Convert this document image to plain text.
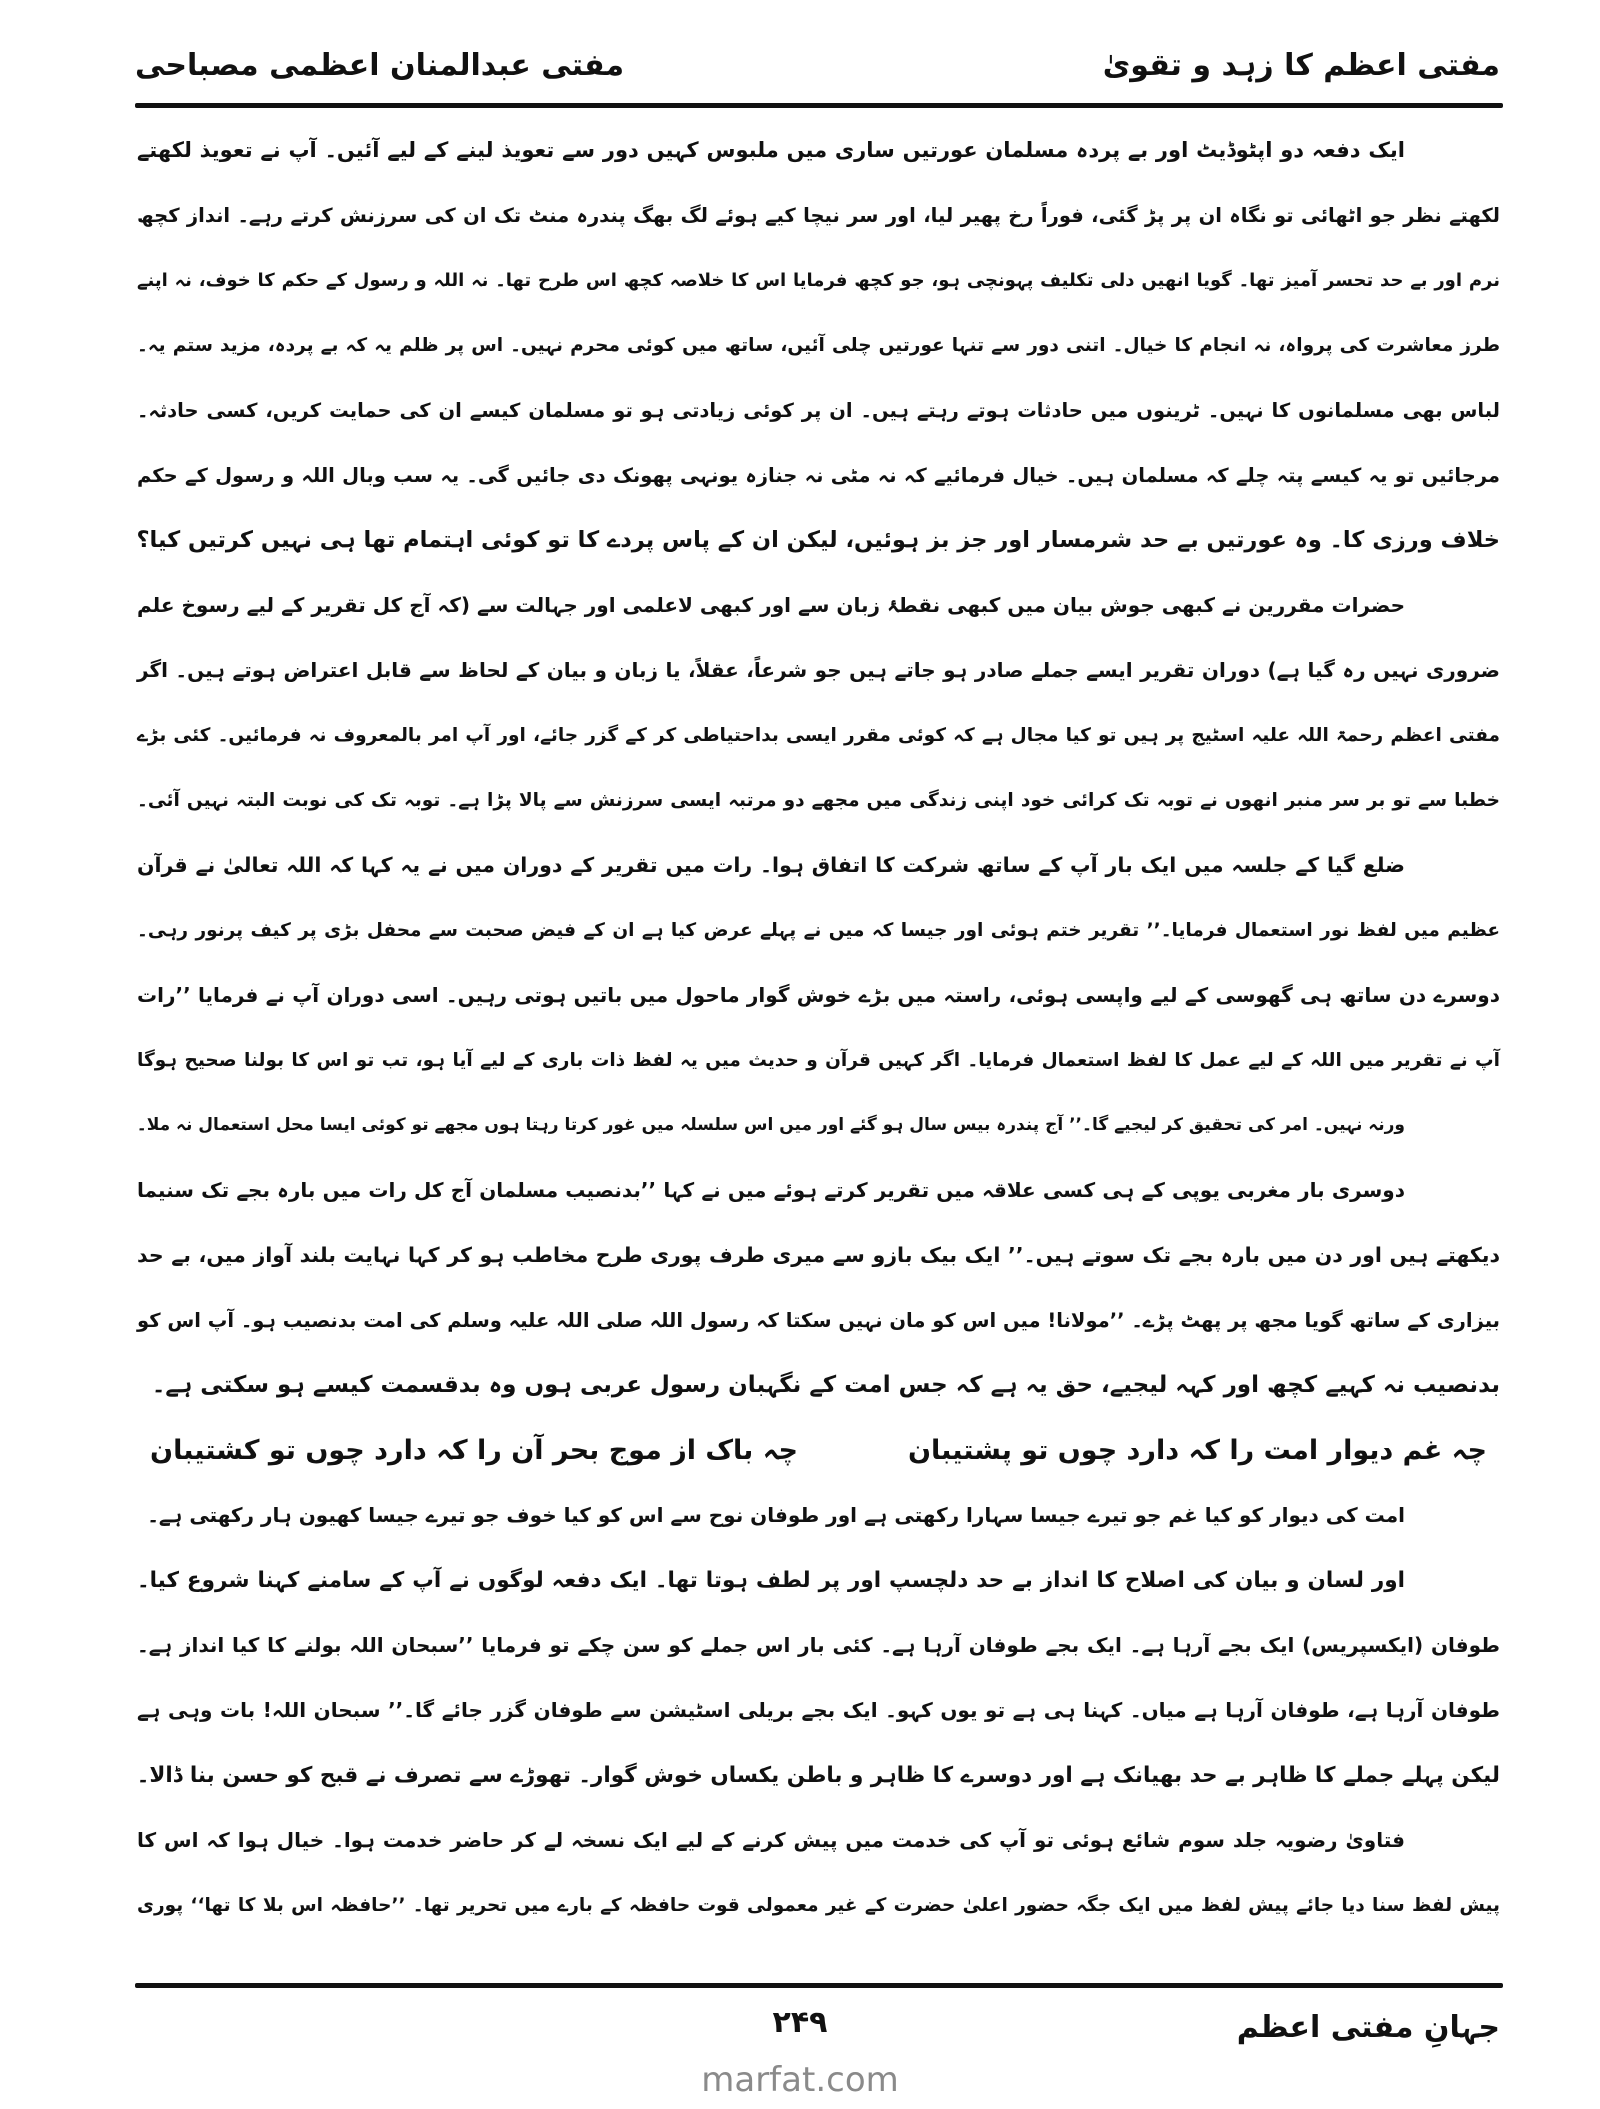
مفتی اعظم کا زہد و تقویٰ
مفتی عبدالمنان اعظمی مصباحی
ایک دفعہ دو اپٹوڈیٹ اور بے پردہ مسلمان عورتیں ساری میں ملبوس کہیں دور سے تعویذ لینے کے لیے آئیں۔ آپ نے تعویذ لکھتے
لکھتے نظر جو اٹھائی تو نگاہ ان پر پڑ گئی، فوراً رخ پھیر لیا، اور سر نیچا کیے ہوئے لگ بھگ پندرہ منٹ تک ان کی سرزنش کرتے رہے۔ انداز کچھ
نرم اور بے حد تحسر آمیز تھا۔ گویا انھیں دلی تکلیف پہونچی ہو، جو کچھ فرمایا اس کا خلاصہ کچھ اس طرح تھا۔ نہ اللہ و رسول کے حکم کا خوف، نہ اپنے
طرز معاشرت کی پرواہ، نہ انجام کا خیال۔ اتنی دور سے تنہا عورتیں چلی آئیں، ساتھ میں کوئی محرم نہیں۔ اس پر ظلم یہ کہ بے پردہ، مزید ستم یہ۔
لباس بھی مسلمانوں کا نہیں۔ ٹرینوں میں حادثات ہوتے رہتے ہیں۔ ان پر کوئی زیادتی ہو تو مسلمان کیسے ان کی حمایت کریں، کسی حادثہ۔
مرجائیں تو یہ کیسے پتہ چلے کہ مسلمان ہیں۔ خیال فرمائیے کہ نہ مٹی نہ جنازہ یونہی پھونک دی جائیں گی۔ یہ سب وبال اللہ و رسول کے حکم
خلاف ورزی کا۔ وہ عورتیں بے حد شرمسار اور جز بز ہوئیں، لیکن ان کے پاس پردے کا تو کوئی اہتمام تھا ہی نہیں کرتیں کیا؟
حضرات مقررین نے کبھی جوش بیان میں کبھی نقطۂ زبان سے اور کبھی لاعلمی اور جہالت سے (کہ آج کل تقریر کے لیے رسوخ علم
ضروری نہیں رہ گیا ہے) دوران تقریر ایسے جملے صادر ہو جاتے ہیں جو شرعاً، عقلاً، یا زبان و بیان کے لحاظ سے قابل اعتراض ہوتے ہیں۔ اگر
مفتی اعظم رحمۃ اللہ علیہ اسٹیج پر ہیں تو کیا مجال ہے کہ کوئی مقرر ایسی بداحتیاطی کر کے گزر جائے، اور آپ امر بالمعروف نہ فرمائیں۔ کئی بڑے
خطبا سے تو بر سر منبر انھوں نے توبہ تک کرائی خود اپنی زندگی میں مجھے دو مرتبہ ایسی سرزنش سے پالا پڑا ہے۔ توبہ تک کی نوبت البتہ نہیں آئی۔
ضلع گیا کے جلسہ میں ایک بار آپ کے ساتھ شرکت کا اتفاق ہوا۔ رات میں تقریر کے دوران میں نے یہ کہا کہ اللہ تعالیٰ نے قرآن
عظیم میں لفظ نور استعمال فرمایا۔’’ تقریر ختم ہوئی اور جیسا کہ میں نے پہلے عرض کیا ہے ان کے فیض صحبت سے محفل بڑی پر کیف پرنور رہی۔
دوسرے دن ساتھ ہی گھوسی کے لیے واپسی ہوئی، راستہ میں بڑے خوش گوار ماحول میں باتیں ہوتی رہیں۔ اسی دوران آپ نے فرمایا ’’رات
آپ نے تقریر میں اللہ کے لیے عمل کا لفظ استعمال فرمایا۔ اگر کہیں قرآن و حدیث میں یہ لفظ ذات باری کے لیے آیا ہو، تب تو اس کا بولنا صحیح ہوگا
ورنہ نہیں۔ امر کی تحقیق کر لیجیے گا۔’’ آج پندرہ بیس سال ہو گئے اور میں اس سلسلہ میں غور کرتا رہتا ہوں مجھے تو کوئی ایسا محل استعمال نہ ملا۔
دوسری بار مغربی یوپی کے ہی کسی علاقہ میں تقریر کرتے ہوئے میں نے کہا ’’بدنصیب مسلمان آج کل رات میں بارہ بجے تک سنیما
دیکھتے ہیں اور دن میں بارہ بجے تک سوتے ہیں۔’’ ایک بیک بازو سے میری طرف پوری طرح مخاطب ہو کر کہا نہایت بلند آواز میں، بے حد
بیزاری کے ساتھ گویا مجھ پر پھٹ پڑے۔ ’’مولانا! میں اس کو مان نہیں سکتا کہ رسول اللہ صلی اللہ علیہ وسلم کی امت بدنصیب ہو۔ آپ اس کو
بدنصیب نہ کہیے کچھ اور کہہ لیجیے، حق یہ ہے کہ جس امت کے نگہبان رسول عربی ہوں وہ بدقسمت کیسے ہو سکتی ہے۔
چہ غم دیوار امت را کہ دارد چوں تو پشتیبان
چہ باک از موج بحر آن را کہ دارد چوں تو کشتیبان
امت کی دیوار کو کیا غم جو تیرے جیسا سہارا رکھتی ہے اور طوفان نوح سے اس کو کیا خوف جو تیرے جیسا کھیون ہار رکھتی ہے۔
اور لسان و بیان کی اصلاح کا انداز بے حد دلچسپ اور پر لطف ہوتا تھا۔ ایک دفعہ لوگوں نے آپ کے سامنے کہنا شروع کیا۔
طوفان (ایکسپریس) ایک بجے آرہا ہے۔ ایک بجے طوفان آرہا ہے۔ کئی بار اس جملے کو سن چکے تو فرمایا ’’سبحان اللہ بولنے کا کیا انداز ہے۔
طوفان آرہا ہے، طوفان آرہا ہے میاں۔ کہنا ہی ہے تو یوں کہو۔ ایک بجے بریلی اسٹیشن سے طوفان گزر جائے گا۔’’ سبحان اللہ! بات وہی ہے
لیکن پہلے جملے کا ظاہر بے حد بھیانک ہے اور دوسرے کا ظاہر و باطن یکساں خوش گوار۔ تھوڑے سے تصرف نے قبح کو حسن بنا ڈالا۔
فتاویٰ رضویہ جلد سوم شائع ہوئی تو آپ کی خدمت میں پیش کرنے کے لیے ایک نسخہ لے کر حاضر خدمت ہوا۔ خیال ہوا کہ اس کا
پیش لفظ سنا دیا جائے پیش لفظ میں ایک جگہ حضور اعلیٰ حضرت کے غیر معمولی قوت حافظہ کے بارے میں تحریر تھا۔ ’’حافظہ اس بلا کا تھا‘‘ پوری
۲۴۹	جہانِ مفتی اعظم
marfat.com
